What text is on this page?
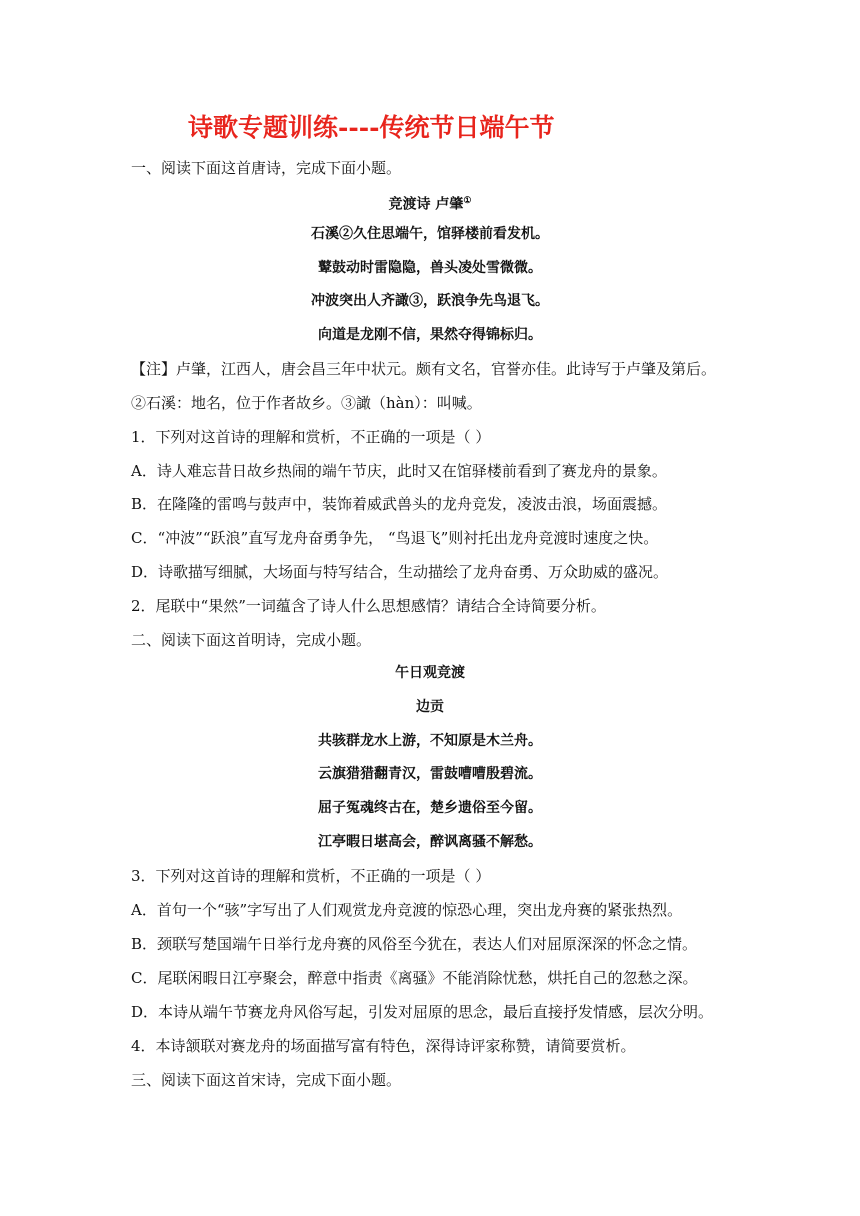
诗歌专题训练----传统节日端午节
一、阅读下面这首唐诗，完成下面小题。
竞渡诗 卢肇①
石溪②久住思端午，馆驿楼前看发机。
鼙鼓动时雷隐隐，兽头凌处雪微微。
冲波突出人齐譀③，跃浪争先鸟退飞。
向道是龙刚不信，果然夺得锦标归。
【注】卢肇，江西人，唐会昌三年中状元。颇有文名，官誉亦佳。此诗写于卢肇及第后。
②石溪：地名，位于作者故乡。③譀（hàn）：叫喊。
1．下列对这首诗的理解和赏析，不正确的一项是（ ）
A．诗人难忘昔日故乡热闹的端午节庆，此时又在馆驿楼前看到了赛龙舟的景象。
B．在隆隆的雷鸣与鼓声中，装饰着威武兽头的龙舟竞发，凌波击浪，场面震撼。
C．“冲波”“跃浪”直写龙舟奋勇争先， “鸟退飞”则衬托出龙舟竞渡时速度之快。
D．诗歌描写细腻，大场面与特写结合，生动描绘了龙舟奋勇、万众助威的盛况。
2．尾联中“果然”一词蕴含了诗人什么思想感情？请结合全诗简要分析。
二、阅读下面这首明诗，完成小题。
午日观竞渡
边贡
共骇群龙水上游，不知原是木兰舟。
云旗猎猎翻青汉，雷鼓嘈嘈殷碧流。
屈子冤魂终古在，楚乡遗俗至今留。
江亭暇日堪高会，醉讽离骚不解愁。
3．下列对这首诗的理解和赏析，不正确的一项是（ ）
A．首句一个“骇”字写出了人们观赏龙舟竞渡的惊恐心理，突出龙舟赛的紧张热烈。
B．颈联写楚国端午日举行龙舟赛的风俗至今犹在，表达人们对屈原深深的怀念之情。
C．尾联闲暇日江亭聚会，醉意中指责《离骚》不能消除忧愁，烘托自己的忽愁之深。
D．本诗从端午节赛龙舟风俗写起，引发对屈原的思念，最后直接抒发情感，层次分明。
4．本诗颔联对赛龙舟的场面描写富有特色，深得诗评家称赞，请简要赏析。
三、阅读下面这首宋诗，完成下面小题。
